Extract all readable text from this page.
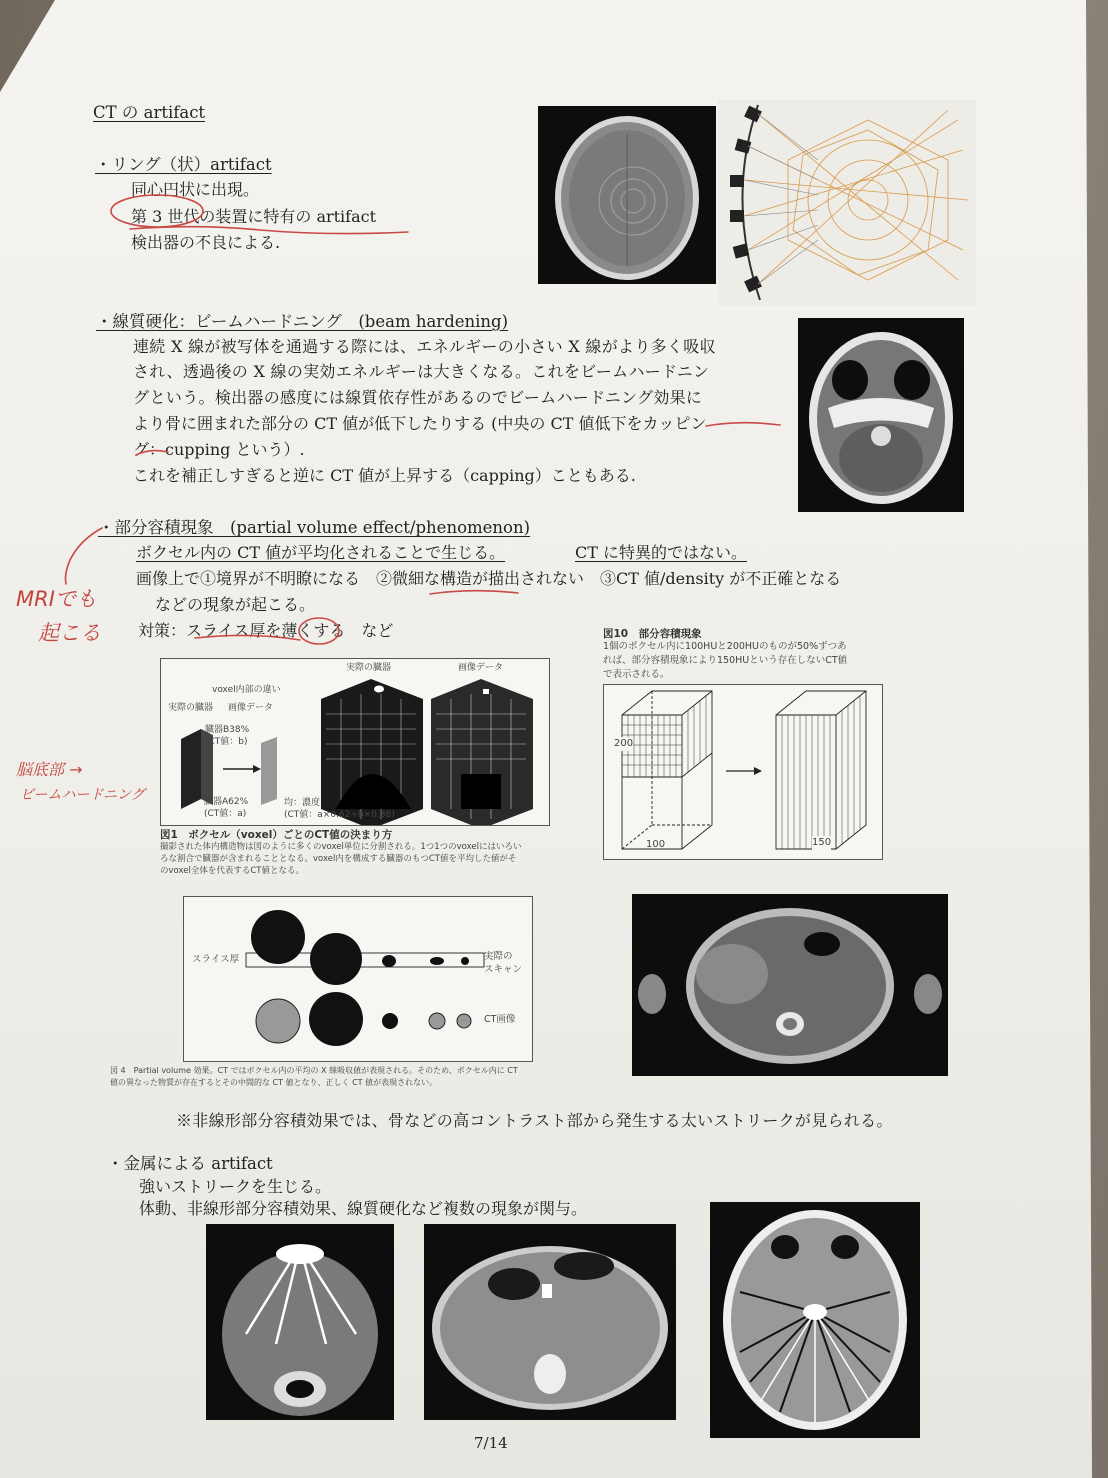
CT の artifact
・リング（状）artifact
同心円状に出現。
第 3 世代の装置に特有の artifact
検出器の不良による.
・線質硬化：ビームハードニング　(beam hardening)
連続 X 線が被写体を通過する際には、エネルギーの小さい X 線がより多く吸収
され、透過後の X 線の実効エネルギーは大きくなる。これをビームハードニン
グという。検出器の感度には線質依存性があるのでビームハードニング効果に
より骨に囲まれた部分の CT 値が低下したりする (中央の CT 値低下をカッピン
グ：cupping という）.
これを補正しすぎると逆に CT 値が上昇する（capping）こともある.
・部分容積現象　(partial volume effect/phenomenon)
ボクセル内の CT 値が平均化されることで生じる。	CT に特異的ではない。
画像上で①境界が不明瞭になる　②微細な構造が描出されない　③CT 値/density が不正確となる
などの現象が起こる。
対策：スライス厚を薄くする　など
voxel内部の違い
実際の臓器 画像データ
臓器B38%
(CT値：b)
臓器A62%
(CT値：a)
均：濃度
(CT値：a×0.62+b×0.38)
実際の臓器	画像データ
図1　ボクセル（voxel）ごとのCT値の決まり方
撮影された体内構造物は図のように多くのvoxel単位に分割される。1つ1つのvoxelにはいろい
ろな割合で臓器が含まれることとなる。voxel内を構成する臓器のもつCT値を平均した値がそ
のvoxel全体を代表するCT値となる。
図10　部分容積現象
1個のボクセル内に100HUと200HUのものが50%ずつあ
れば、部分容積現象により150HUという存在しないCT値
で表示される。
200
100	150
スライス厚	実際の
スキャン
CT画像
図 4　Partial volume 効果。CT ではボクセル内の平均の X 線吸収値が表現される。そのため、ボクセル内に CT
値の異なった物質が存在するとその中間的な CT 値となり、正しく CT 値が表現されない。
※非線形部分容積効果では、骨などの高コントラスト部から発生する太いストリークが見られる。
・金属による artifact
強いストリークを生じる。
体動、非線形部分容積効果、線質硬化など複数の現象が関与。
MRIでも
起こる
脳底部 →
ビームハードニング
7/14
